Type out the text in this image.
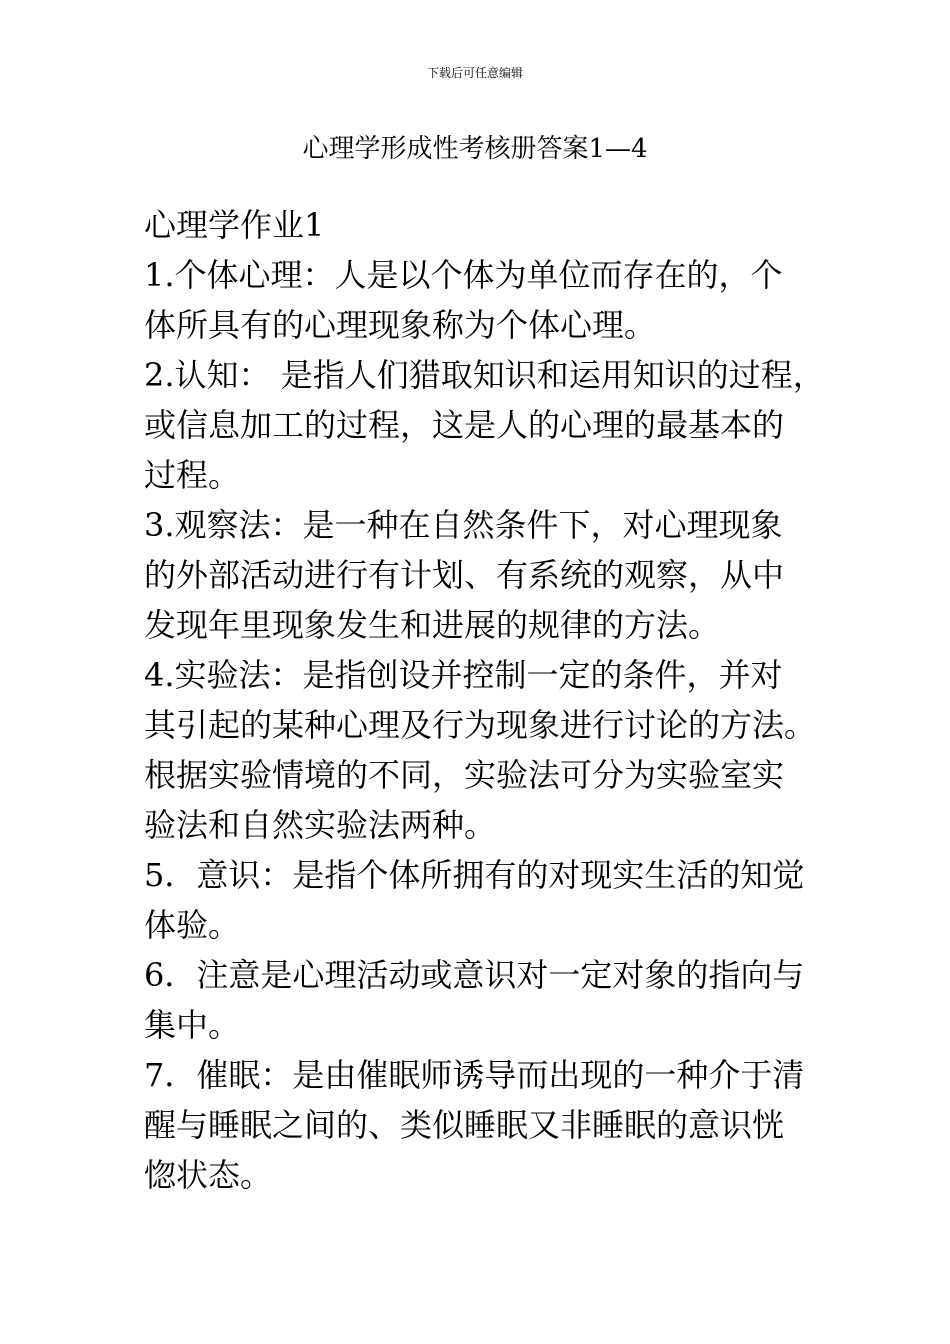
下载后可任意编辑
心理学形成性考核册答案1—4

心理学作业1

1.个体心理：人是以个体为单位而存在的，个
体所具有的心理现象称为个体心理。

2.认知： 是指人们猎取知识和运用知识的过程，
或信息加工的过程，这是人的心理的最基本的
过程。

3.观察法：是一种在自然条件下，对心理现象
的外部活动进行有计划、有系统的观察，从中
发现年里现象发生和进展的规律的方法。

4.实验法：是指创设并控制一定的条件，并对
其引起的某种心理及行为现象进行讨论的方法。
根据实验情境的不同，实验法可分为实验室实
验法和自然实验法两种。

5．意识：是指个体所拥有的对现实生活的知觉
体验。

6．注意是心理活动或意识对一定对象的指向与
集中。

7．催眠：是由催眠师诱导而出现的一种介于清
醒与睡眠之间的、类似睡眠又非睡眠的意识恍
惚状态。
